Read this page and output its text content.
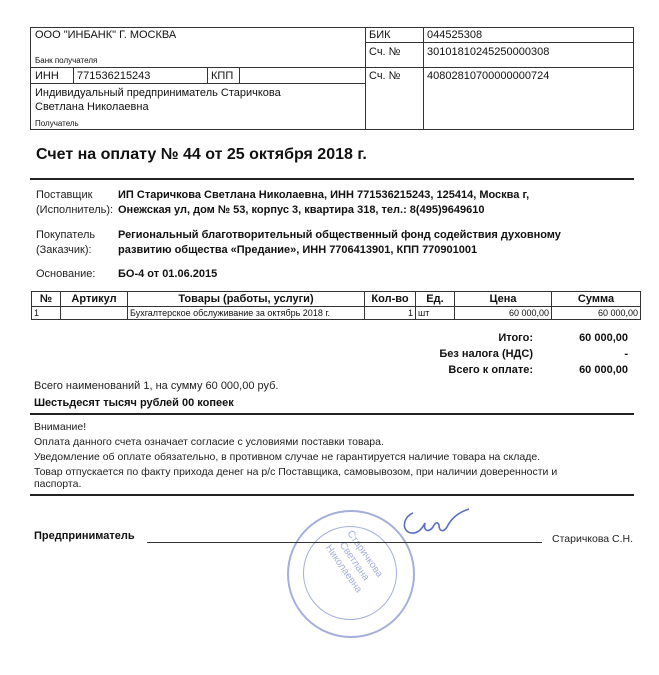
ООО "ИНБАНК" Г. МОСКВА
Банк получателя
БИК	044525308
Сч. № 30101810245250000308
ИНН 771536215243	КПП	Сч. № 40802810700000000724
Индивидуальный предприниматель Старичкова
Светлана Николаевна
Получатель
Счет на оплату № 44 от 25 октября 2018 г.
Поставщик
(Исполнитель):
ИП Старичкова Светлана Николаевна, ИНН 771536215243, 125414, Москва г,
Онежская ул, дом № 53, корпус 3, квартира 318, тел.: 8(495)9649610
Покупатель
(Заказчик):
Региональный благотворительный общественный фонд содействия духовному
развитию общества «Предание», ИНН 7706413901, КПП 770901001
Основание: БО-4 от 01.06.2015
№	Артикул	Товары (работы, услуги)	Кол-во	Ед.	Цена	Сумма
1		Бухгалтерское обслуживание за октябрь 2018 г.	1	шт	60 000,00	60 000,00
Итого:	60 000,00
Без налога (НДС)	-
Всего к оплате:	60 000,00
Всего наименований 1, на сумму 60 000,00 руб.
Шестьдесят тысяч рублей 00 копеек
Внимание!
Оплата данного счета означает согласие с условиями поставки товара.
Уведомление об оплате обязательно, в противном случае не гарантируется наличие товара на складе.
Товар отпускается по факту прихода денег на р/с Поставщика, самовывозом, при наличии доверенности и
паспорта.
Старичкова Светлана Николаевна
Предприниматель	Старичкова С.Н.
